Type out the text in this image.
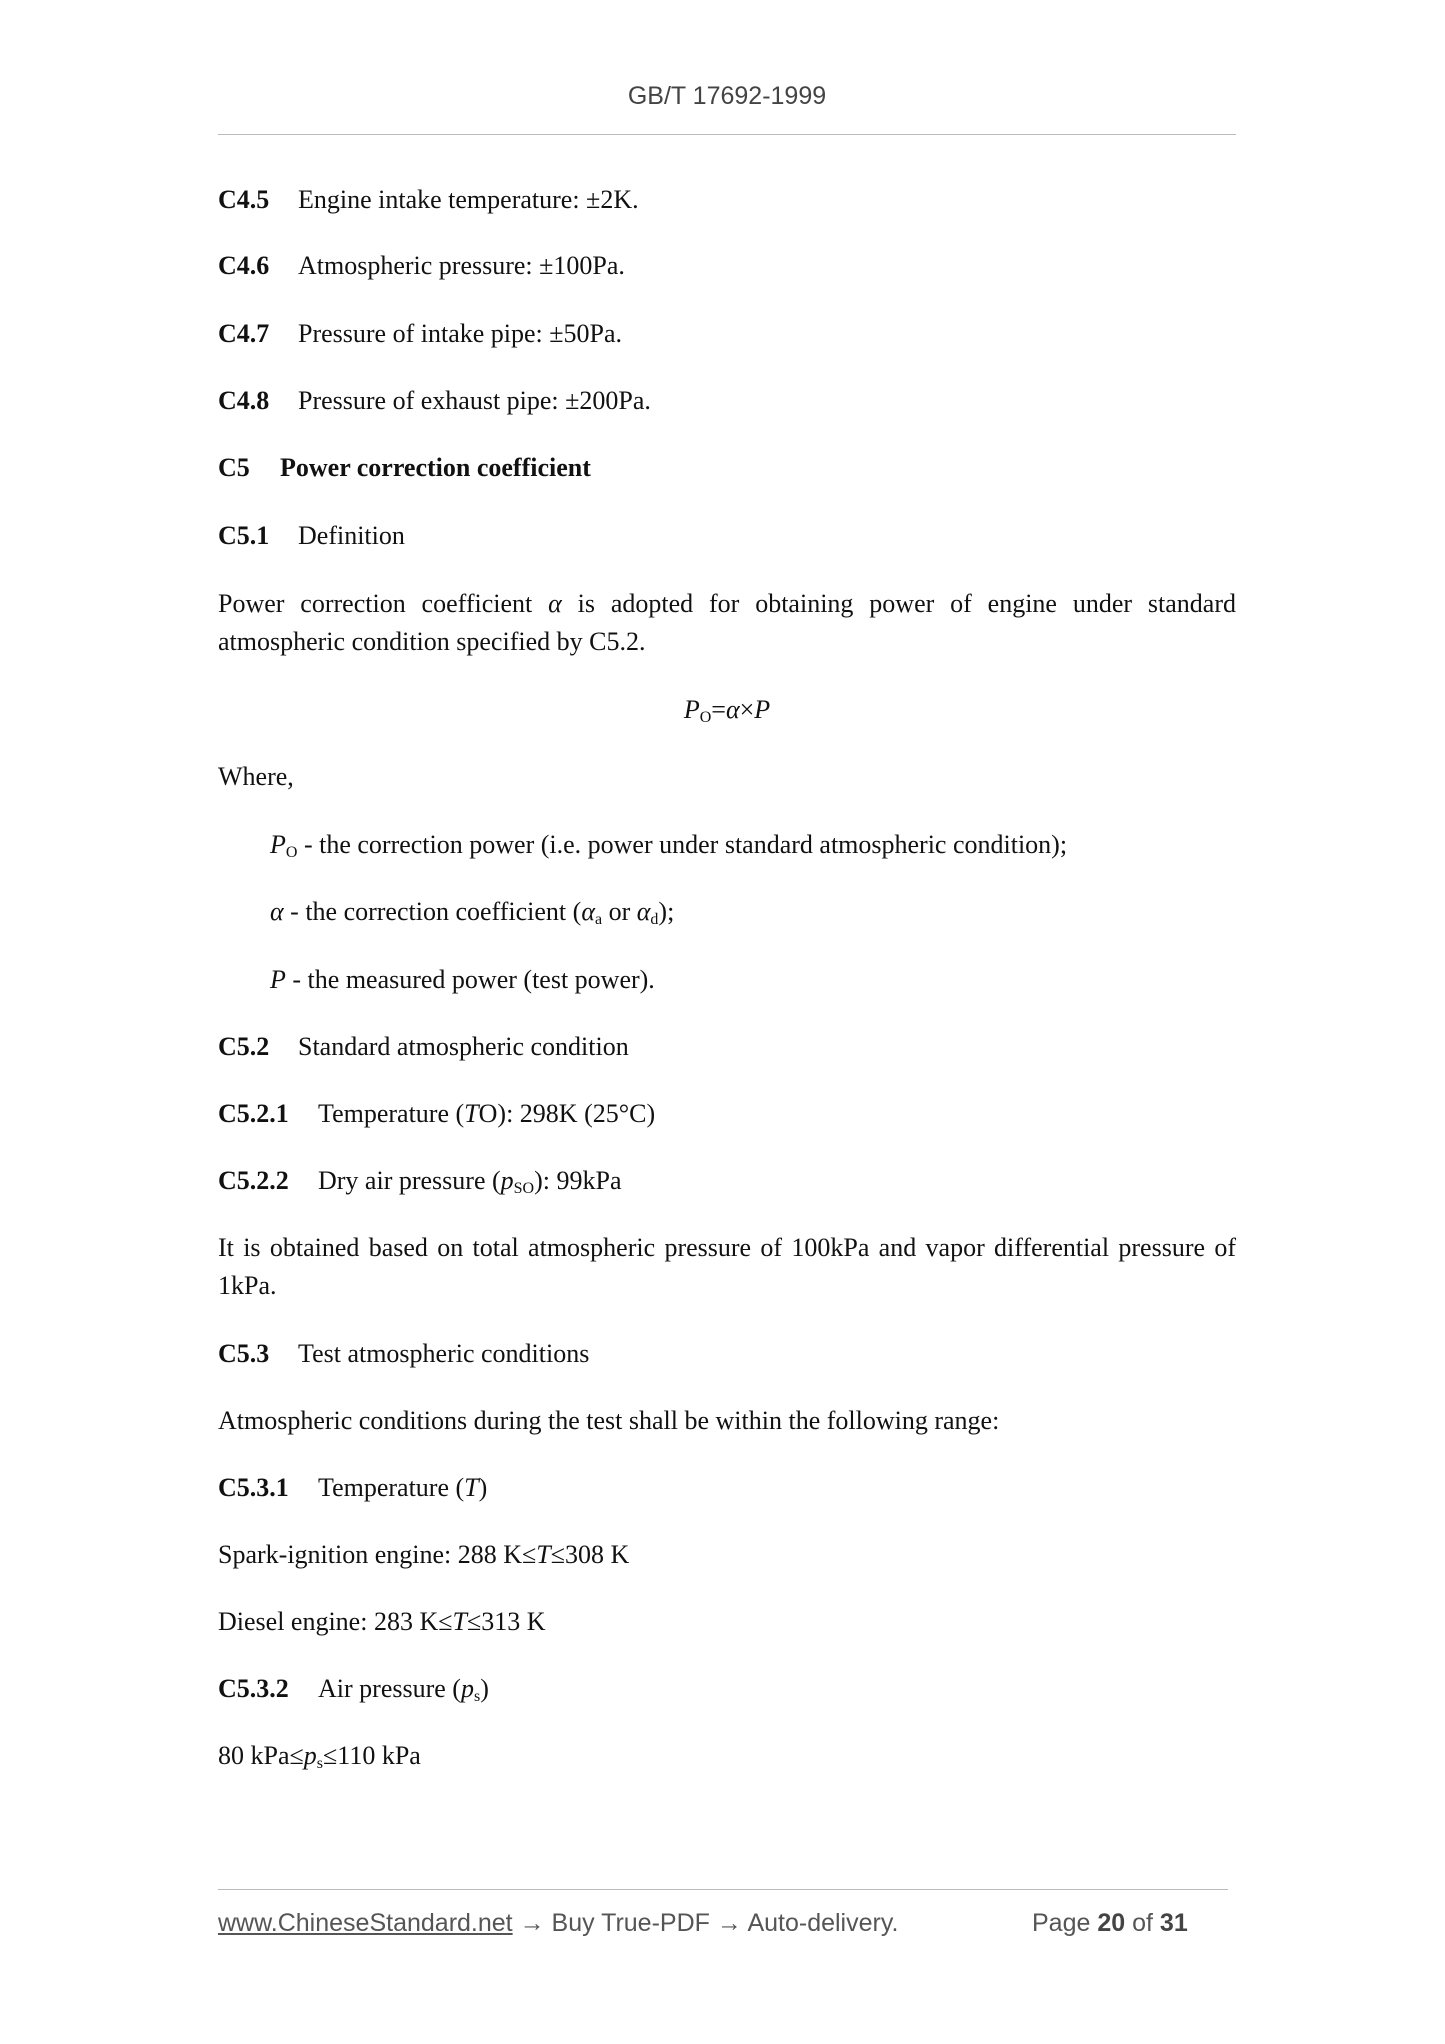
GB/T 17692-1999
C4.5 Engine intake temperature: ±2K.
C4.6 Atmospheric pressure: ±100Pa.
C4.7 Pressure of intake pipe: ±50Pa.
C4.8 Pressure of exhaust pipe: ±200Pa.
C5 Power correction coefficient
C5.1 Definition
Power correction coefficient α is adopted for obtaining power of engine under standard atmospheric condition specified by C5.2.
$P_O=\alpha\times P$
Where,
$P_O$ - the correction power (i.e. power under standard atmospheric condition);
α - the correction coefficient ($\alpha_a$ or $\alpha_d$);
P - the measured power (test power).
C5.2 Standard atmospheric condition
C5.2.1 Temperature (TO): 298K (25°C)
C5.2.2 Dry air pressure $(p_{SO})$: 99kPa
It is obtained based on total atmospheric pressure of 100kPa and vapor differential pressure of 1kPa.
C5.3 Test atmospheric conditions
Atmospheric conditions during the test shall be within the following range:
C5.3.1 Temperature (T)
Spark-ignition engine: 288 K≤T≤308 K
Diesel engine: 283 K≤T≤313 K
C5.3.2 Air pressure $(p_s)$
80 $kPa\le p_s\le 110$ kPa
www.ChineseStandard.net → Buy True-PDF → Auto-delivery.	Page 20 of 31
